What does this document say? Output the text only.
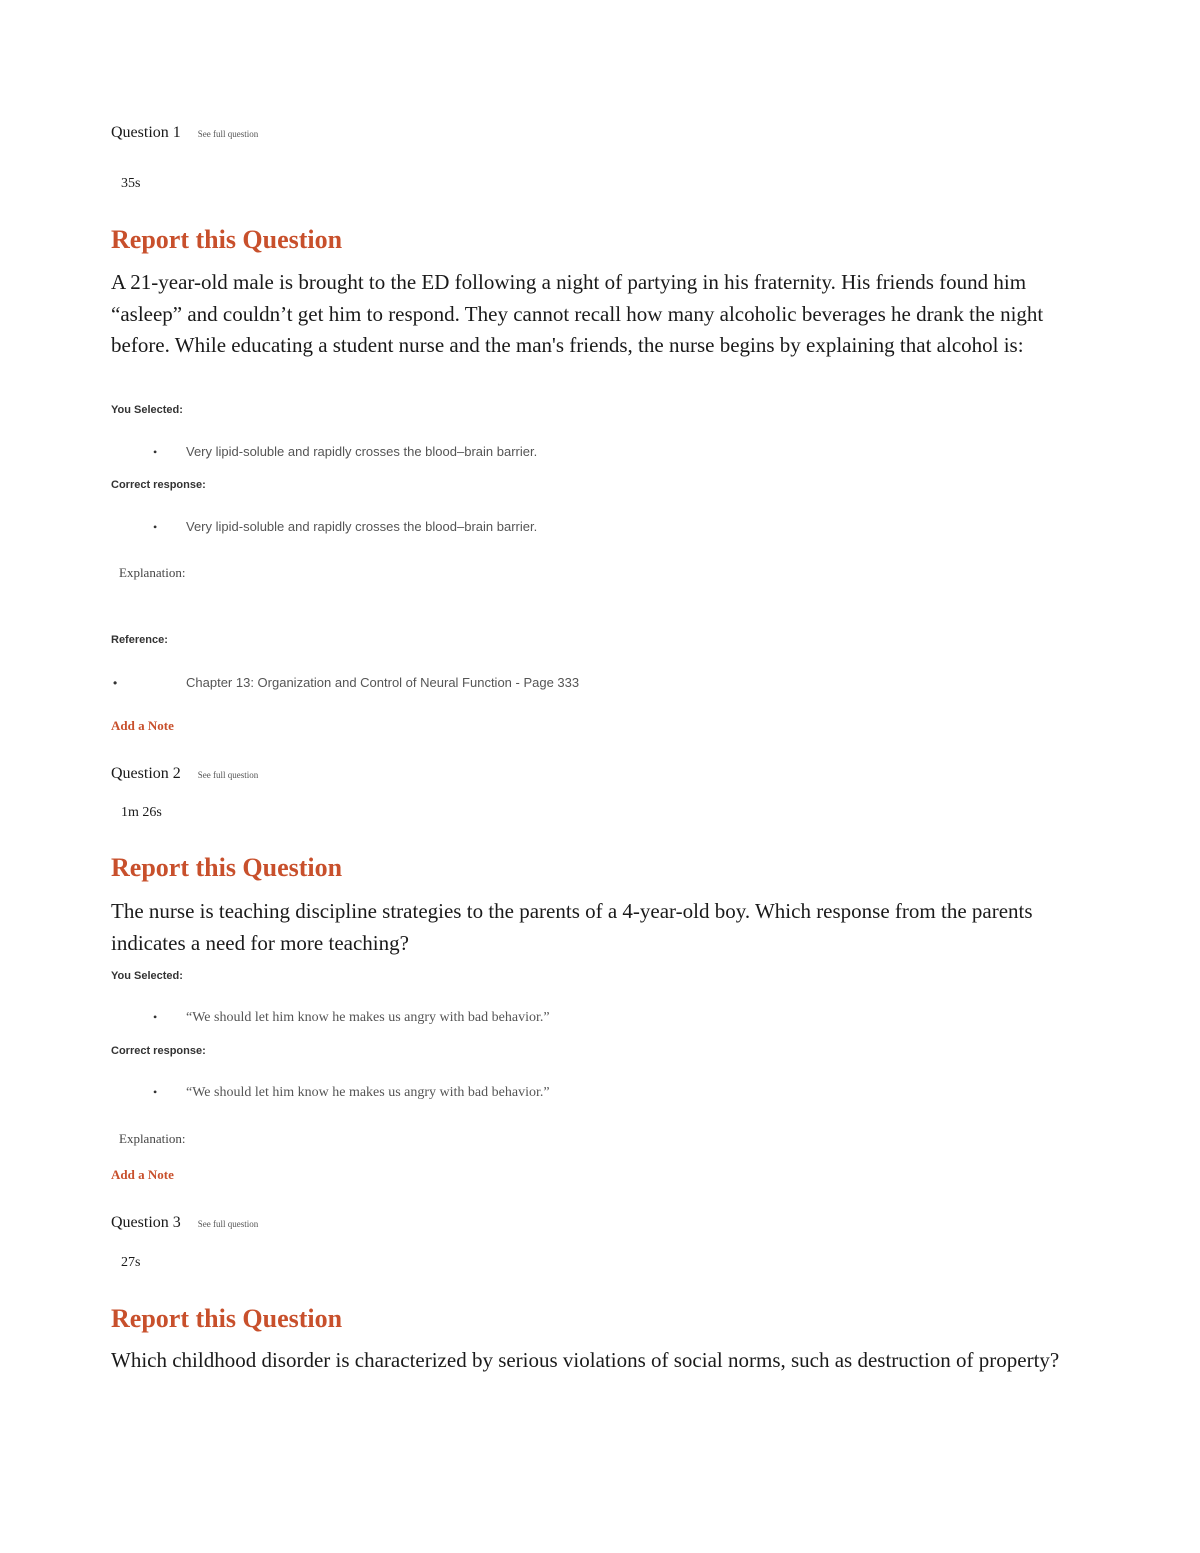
Question 1 See full question
35s
Report this Question
A 21-year-old male is brought to the ED following a night of partying in his fraternity. His friends found him “asleep” and couldn’t get him to respond. They cannot recall how many alcoholic beverages he drank the night before. While educating a student nurse and the man's friends, the nurse begins by explaining that alcohol is:
You Selected:
•	Very lipid-soluble and rapidly crosses the blood–brain barrier.
Correct response:
•	Very lipid-soluble and rapidly crosses the blood–brain barrier.
Explanation:
Reference:
•	Chapter 13: Organization and Control of Neural Function - Page 333
Add a Note
Question 2 See full question
1m 26s
Report this Question
The nurse is teaching discipline strategies to the parents of a 4-year-old boy. Which response from the parents indicates a need for more teaching?
You Selected:
•	“We should let him know he makes us angry with bad behavior.”
Correct response:
•	“We should let him know he makes us angry with bad behavior.”
Explanation:
Add a Note
Question 3 See full question
27s
Report this Question
Which childhood disorder is characterized by serious violations of social norms, such as destruction of property?
